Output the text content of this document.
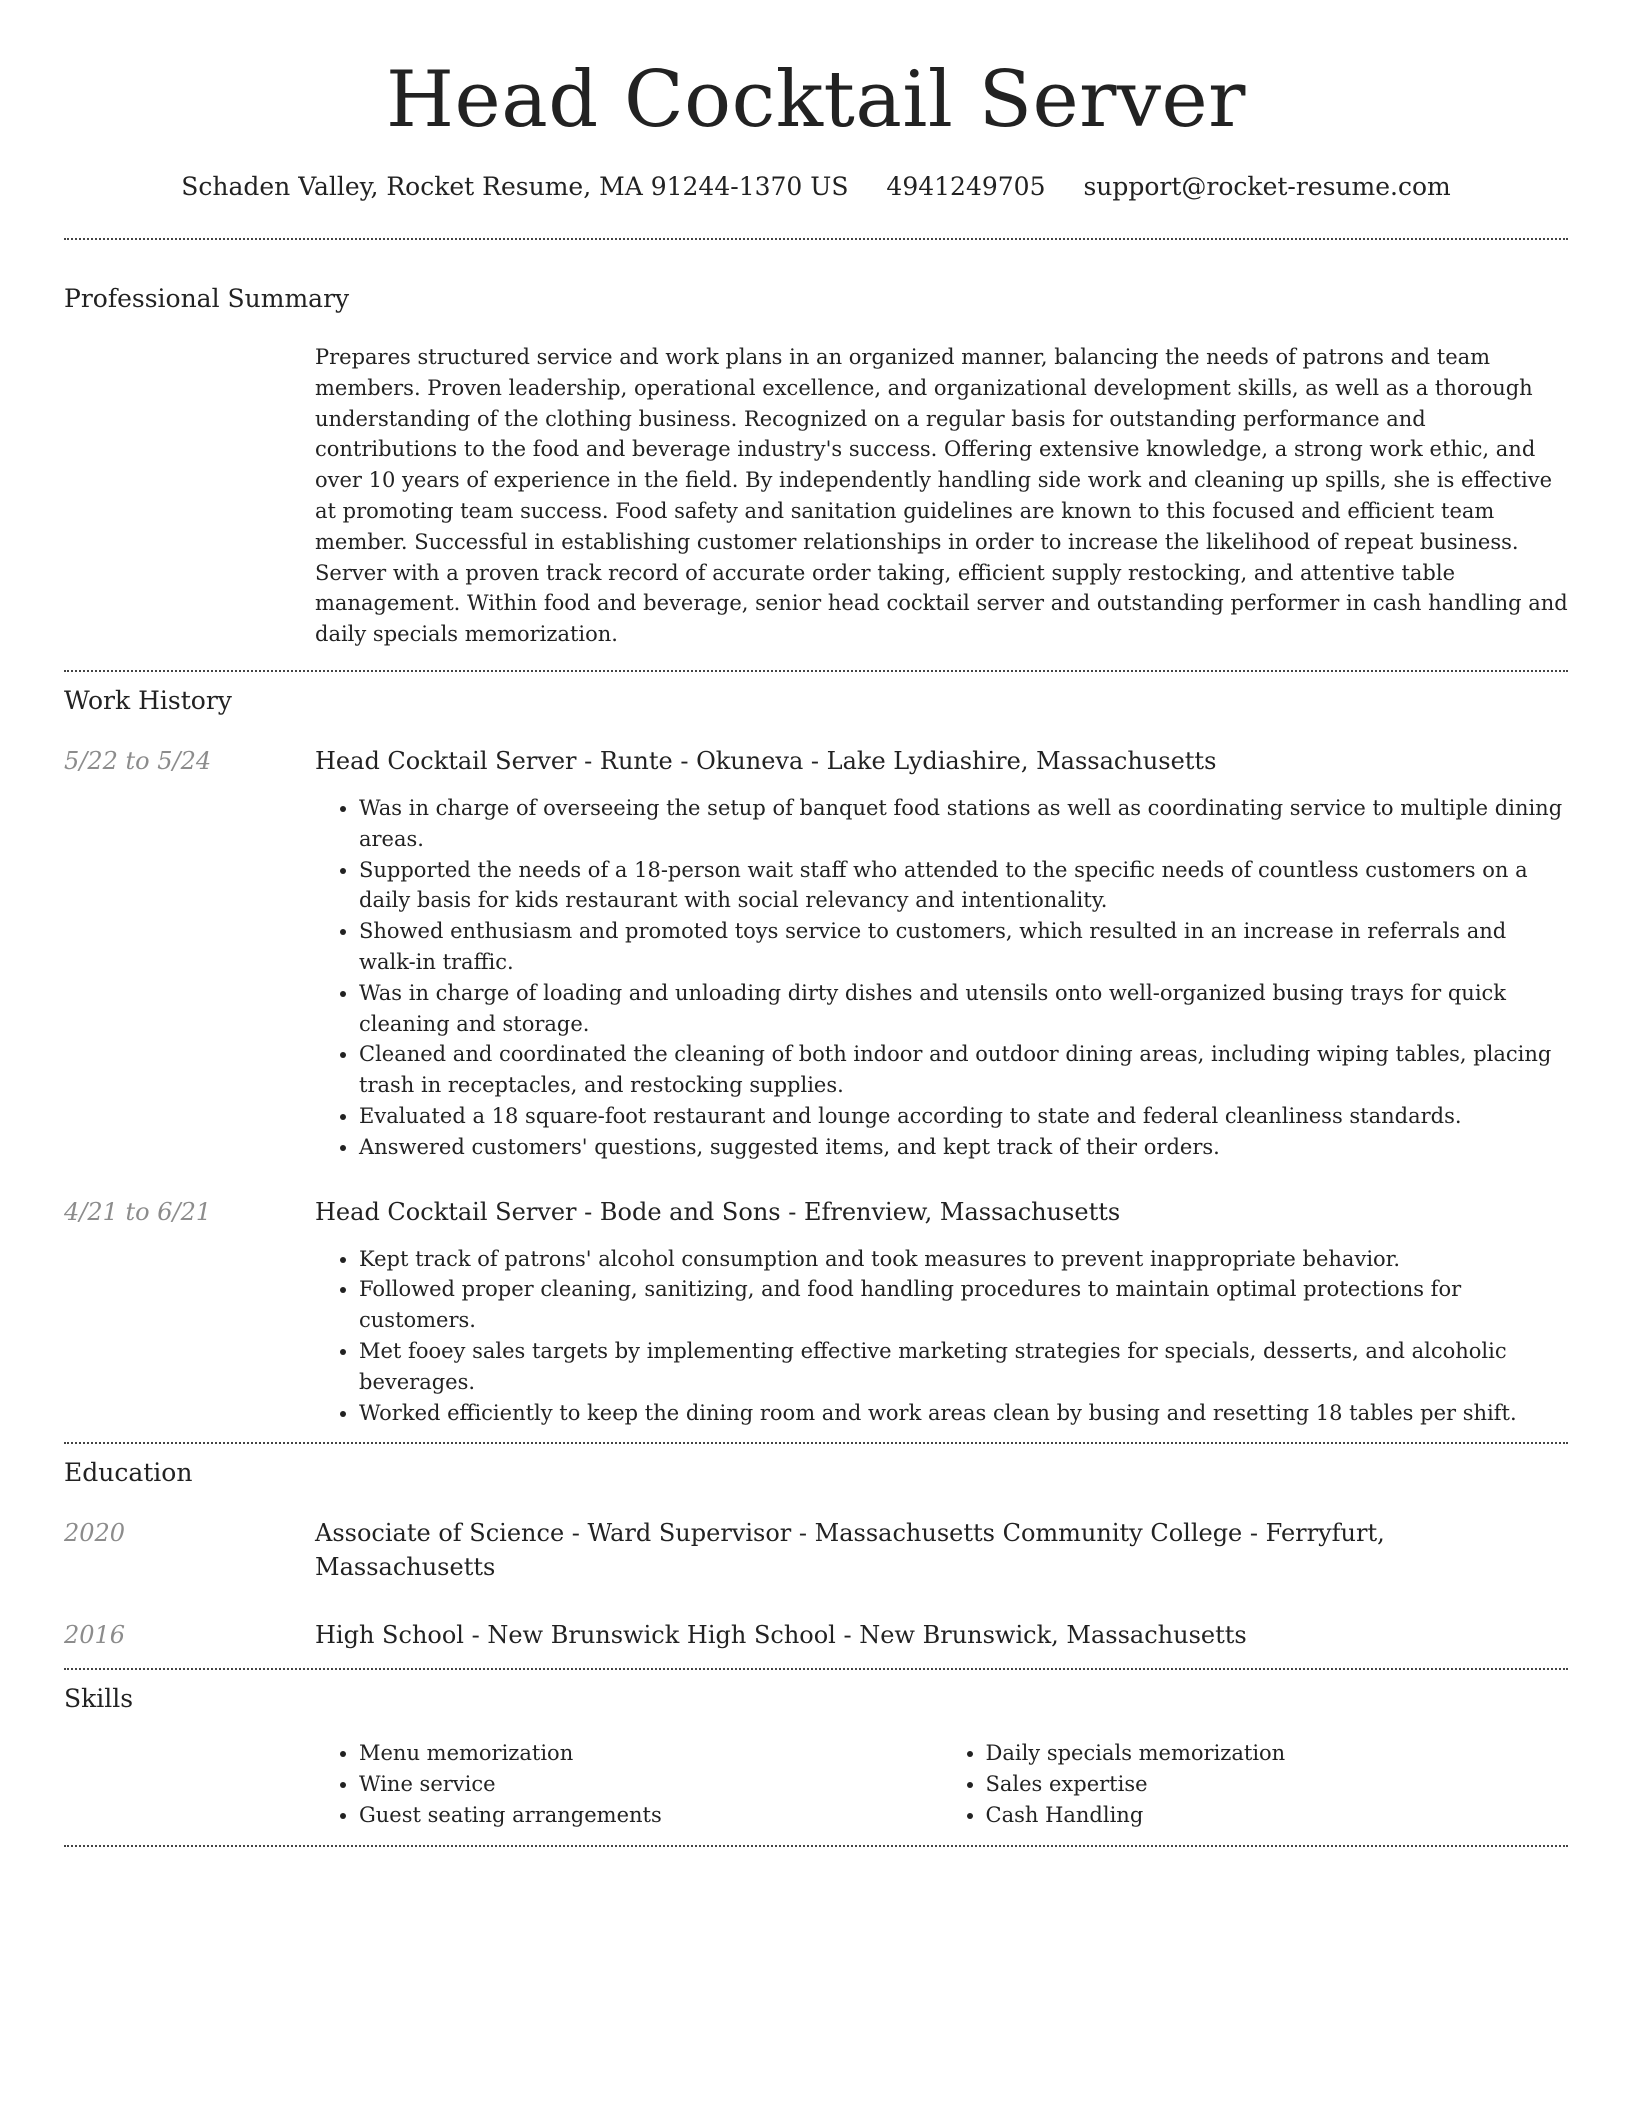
Head Cocktail Server
Schaden Valley, Rocket Resume, MA 91244-1370 US 4941249705 support@rocket-resume.com
Professional Summary
Prepares structured service and work plans in an organized manner, balancing the needs of patrons and team members. Proven leadership, operational excellence, and organizational development skills, as well as a thorough understanding of the clothing business. Recognized on a regular basis for outstanding performance and contributions to the food and beverage industry's success. Offering extensive knowledge, a strong work ethic, and over 10 years of experience in the field. By independently handling side work and cleaning up spills, she is effective at promoting team success. Food safety and sanitation guidelines are known to this focused and efficient team member. Successful in establishing customer relationships in order to increase the likelihood of repeat business. Server with a proven track record of accurate order taking, efficient supply restocking, and attentive table management. Within food and beverage, senior head cocktail server and outstanding performer in cash handling and daily specials memorization.
Work History
5/22 to 5/24	Head Cocktail Server - Runte - Okuneva - Lake Lydiashire, Massachusetts
• Was in charge of overseeing the setup of banquet food stations as well as coordinating service to multiple dining areas.
• Supported the needs of a 18-person wait staff who attended to the specific needs of countless customers on a daily basis for kids restaurant with social relevancy and intentionality.
• Showed enthusiasm and promoted toys service to customers, which resulted in an increase in referrals and walk-in traffic.
• Was in charge of loading and unloading dirty dishes and utensils onto well-organized busing trays for quick cleaning and storage.
• Cleaned and coordinated the cleaning of both indoor and outdoor dining areas, including wiping tables, placing trash in receptacles, and restocking supplies.
• Evaluated a 18 square-foot restaurant and lounge according to state and federal cleanliness standards.
• Answered customers' questions, suggested items, and kept track of their orders.
4/21 to 6/21	Head Cocktail Server - Bode and Sons - Efrenview, Massachusetts
• Kept track of patrons' alcohol consumption and took measures to prevent inappropriate behavior.
• Followed proper cleaning, sanitizing, and food handling procedures to maintain optimal protections for customers.
• Met fooey sales targets by implementing effective marketing strategies for specials, desserts, and alcoholic beverages.
• Worked efficiently to keep the dining room and work areas clean by busing and resetting 18 tables per shift.
Education
2020	Associate of Science - Ward Supervisor - Massachusetts Community College - Ferryfurt, Massachusetts
2016	High School - New Brunswick High School - New Brunswick, Massachusetts
Skills
• Menu memorization
• Wine service
• Guest seating arrangements
• Daily specials memorization
• Sales expertise
• Cash Handling
